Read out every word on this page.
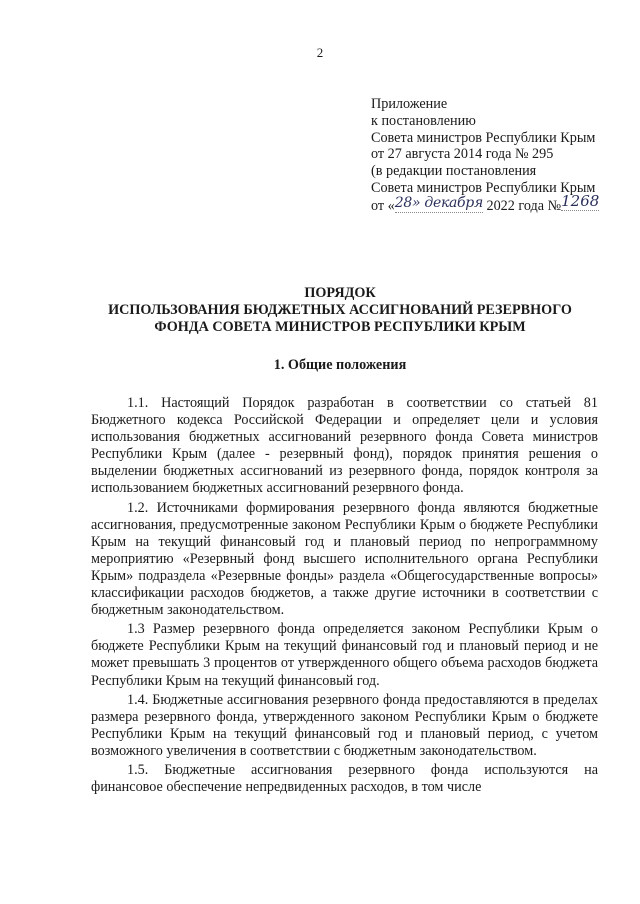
2
Приложение
к постановлению
Совета министров Республики Крым
от 27 августа 2014 года № 295
(в редакции постановления
Совета министров Республики Крым
от «28» декабря 2022 года №1268
ПОРЯДОК
ИСПОЛЬЗОВАНИЯ БЮДЖЕТНЫХ АССИГНОВАНИЙ РЕЗЕРВНОГО
ФОНДА СОВЕТА МИНИСТРОВ РЕСПУБЛИКИ КРЫМ
1. Общие положения

1.1. Настоящий Порядок разработан в соответствии со статьей 81 Бюджетного кодекса Российской Федерации и определяет цели и условия использования бюджетных ассигнований резервного фонда Совета министров Республики Крым (далее - резервный фонд), порядок принятия решения о выделении бюджетных ассигнований из резервного фонда, порядок контроля за использованием бюджетных ассигнований резервного фонда.

1.2. Источниками формирования резервного фонда являются бюджетные ассигнования, предусмотренные законом Республики Крым о бюджете Республики Крым на текущий финансовый год и плановый период по непрограммному мероприятию «Резервный фонд высшего исполнительного органа Республики Крым» подраздела «Резервные фонды» раздела «Общегосударственные вопросы» классификации расходов бюджетов, а также другие источники в соответствии с бюджетным законодательством.

1.3 Размер резервного фонда определяется законом Республики Крым о бюджете Республики Крым на текущий финансовый год и плановый период и не может превышать 3 процентов от утвержденного общего объема расходов бюджета Республики Крым на текущий финансовый год.

1.4. Бюджетные ассигнования резервного фонда предоставляются в пределах размера резервного фонда, утвержденного законом Республики Крым о бюджете Республики Крым на текущий финансовый год и плановый период, с учетом возможного увеличения в соответствии с бюджетным законодательством.

1.5. Бюджетные ассигнования резервного фонда используются на финансовое обеспечение непредвиденных расходов, в том числе
